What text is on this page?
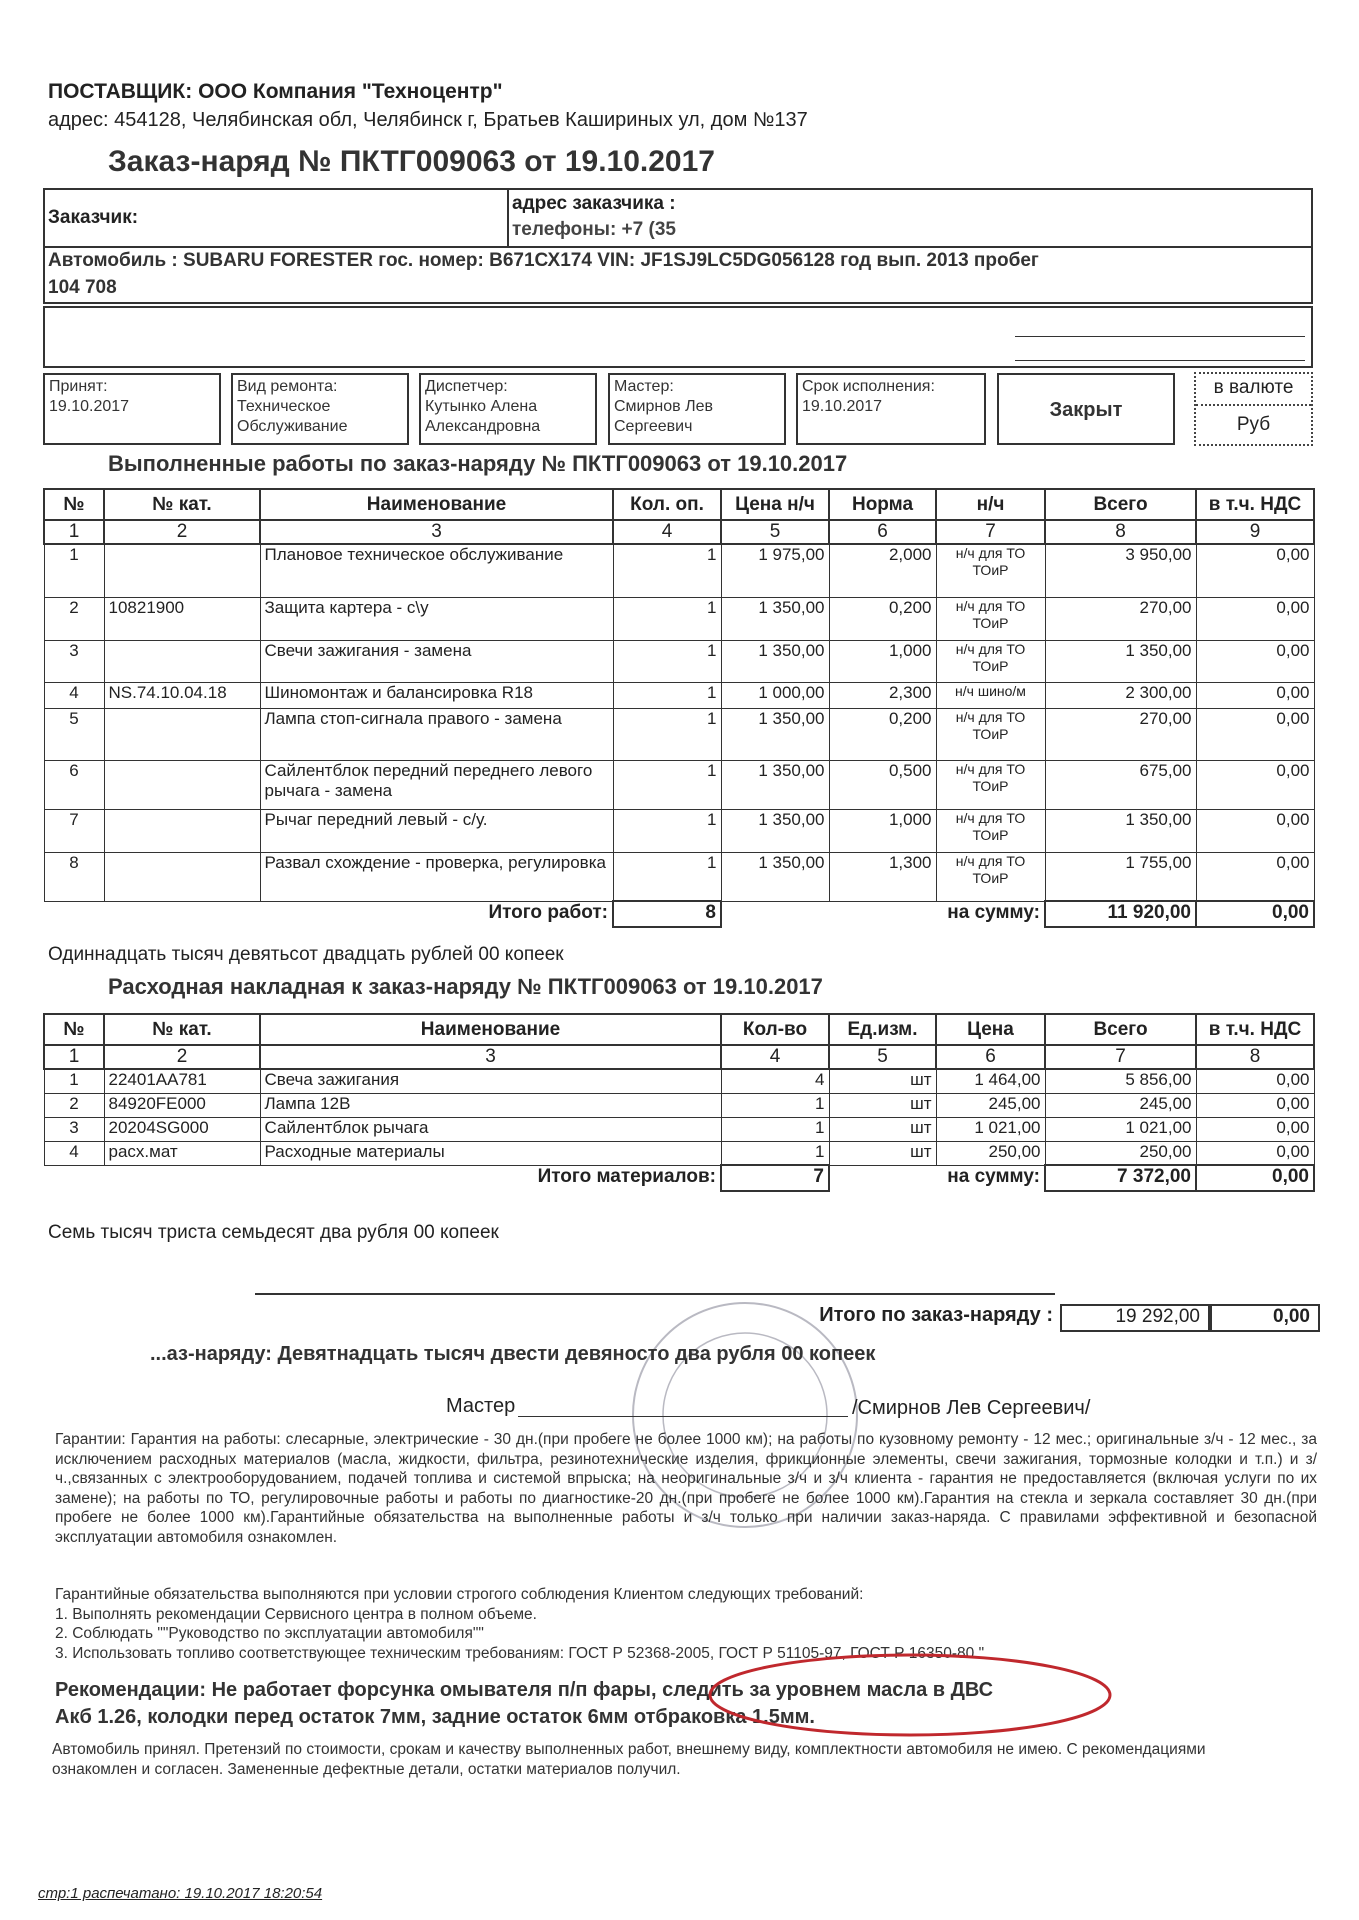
ПОСТАВЩИК: ООО Компания "Техноцентр"
адрес: 454128, Челябинская обл, Челябинск г, Братьев Кашириных ул, дом №137
Заказ-наряд № ПКТГ009063 от 19.10.2017
Заказчик:
адрес заказчика :
телефоны: +7 (35
Автомобиль : SUBARU FORESTER гос. номер: В671СХ174 VIN: JF1SJ9LC5DG056128 год вып. 2013 пробег
104 708
Принят:
19.10.2017
Вид ремонта:
Техническое Обслуживание
Диспетчер:
Кутынко Алена Александровна
Мастер:
Смирнов Лев Сергеевич
Срок исполнения:
19.10.2017	Закрыт
в валюте
Руб
Выполненные работы по заказ-наряду № ПКТГ009063 от 19.10.2017
№	№ кат.	Наименование	Кол. оп.	Цена н/ч	Норма	н/ч	Всего	в т.ч. НДС
1	2	3	4	5	6	7	8	9
1		Плановое техническое обслуживание	1	1 975,00	2,000	н/ч для ТО ТОиР	3 950,00	0,00
2	10821900	Защита картера - с\у	1	1 350,00	0,200	н/ч для ТО ТОиР	270,00	0,00
3		Свечи зажигания - замена	1	1 350,00	1,000	н/ч для ТО ТОиР	1 350,00	0,00
4	NS.74.10.04.18	Шиномонтаж и балансировка R18	1	1 000,00	2,300	н/ч шино/м	2 300,00	0,00
5		Лампа стоп-сигнала правого - замена	1	1 350,00	0,200	н/ч для ТО ТОиР	270,00	0,00
6		Сайлентблок передний переднего левого рычага - замена	1	1 350,00	0,500	н/ч для ТО ТОиР	675,00	0,00
7		Рычаг передний левый - с/у.	1	1 350,00	1,000	н/ч для ТО ТОиР	1 350,00	0,00
8		Развал схождение - проверка, регулировка	1	1 350,00	1,300	н/ч для ТО ТОиР	1 755,00	0,00
Итого работ:			8	на сумму:			11 920,00	0,00
Одиннадцать тысяч девятьсот двадцать рублей 00 копеек
Расходная накладная к заказ-наряду № ПКТГ009063 от 19.10.2017
№	№ кат.	Наименование	Кол-во	Ед.изм.	Цена	Всего	в т.ч. НДС
1	2	3	4	5	6	7	8
1	22401AA781	Свеча зажигания	4	шт	1 464,00	5 856,00	0,00
2	84920FE000	Лампа 12В	1	шт	245,00	245,00	0,00
3	20204SG000	Сайлентблок рычага	1	шт	1 021,00	1 021,00	0,00
4	расх.мат	Расходные материалы	1	шт	250,00	250,00	0,00
Итого материалов:			7	на сумму:		7 372,00	0,00
Семь тысяч триста семьдесят два рубля 00 копеек
Итого по заказ-наряду :	19 292,00	0,00
...аз-наряду: Девятнадцать тысяч двести девяносто два рубля 00 копеек
Мастер	/Смирнов Лев Сергеевич/
Гарантии: Гарантия на работы: слесарные, электрические - 30 дн.(при пробеге не более 1000 км); на работы по кузовному ремонту - 12 мес.; оригинальные з/ч - 12 мес., за исключением расходных материалов (масла, жидкости, фильтра, резинотехнические изделия, фрикционные элементы, свечи зажигания, тормозные колодки и т.п.) и з/ч.,связанных с электрооборудованием, подачей топлива и системой впрыска; на неоригинальные з/ч и з/ч клиента - гарантия не предоставляется (включая услуги по их замене); на работы по ТО, регулировочные работы и работы по диагностике-20 дн.(при пробеге не более 1000 км).Гарантия на стекла и зеркала составляет 30 дн.(при пробеге не более 1000 км).Гарантийные обязательства на выполненные работы и з/ч только при наличии заказ-наряда. С правилами эффективной и безопасной эксплуатации автомобиля ознакомлен.
Гарантийные обязательства выполняются при условии строгого соблюдения Клиентом следующих требований:
1. Выполнять рекомендации Сервисного центра в полном объеме.
2. Соблюдать ""Руководство по эксплуатации автомобиля""
3. Использовать топливо соответствующее техническим требованиям: ГОСТ Р 52368-2005, ГОСТ Р 51105-97, ГОСТ Р 16350-80."
Рекомендации: Не работает форсунка омывателя п/п фары, следить за уровнем масла в ДВС
Акб 1.26, колодки перед остаток 7мм, задние остаток 6мм отбраковка 1.5мм.
Автомобиль принял. Претензий по стоимости, срокам и качеству выполненных работ, внешнему виду, комплектности автомобиля не имею. С рекомендациями ознакомлен и согласен. Замененные дефектные детали, остатки материалов получил.
стр:1 распечатано: 19.10.2017 18:20:54
